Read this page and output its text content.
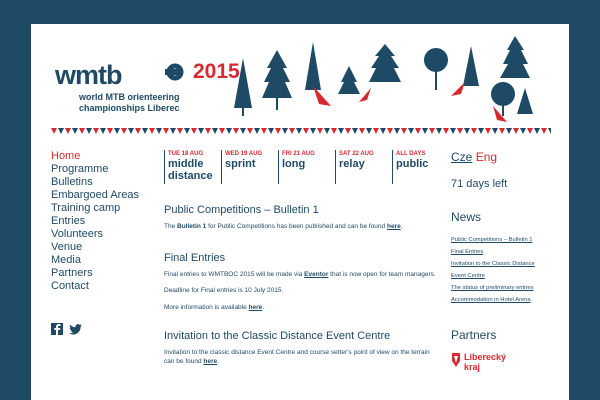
wmtb	2015
world MTB orienteering
championships Liberec
Home
Programme
Bulletins
Embargoed Areas
Training camp
Entries
Volunteers
Venue
Media
Partners
Contact
TUE 18 AUG
middle
distance
WED 19 AUG
sprint
FRI 21 AUG
long
SAT 22 AUG
relay
ALL DAYS
public
Public Competitions – Bulletin 1

The Bulletin 1 for Public Competitions has been published and can be found here.

Final Entries

Final entries to WMTBOC 2015 will be made via Eventor that is now open for team managers.

Deadline for Final entries is 10 July 2015.

More information is available here.

Invitation to the Classic Distance Event Centre

Invitation to the classic distance Event Centre and course setter's point of view on the terrain can be found here.

Cze Eng
71 days left
News
Public Competitions – Bulletin 1
Final Entries
Invitation to the Classic Distance
Event Centre
The status of preliminary entries
Accommodation in Hotel Arena
Partners
Liberecký
kraj
